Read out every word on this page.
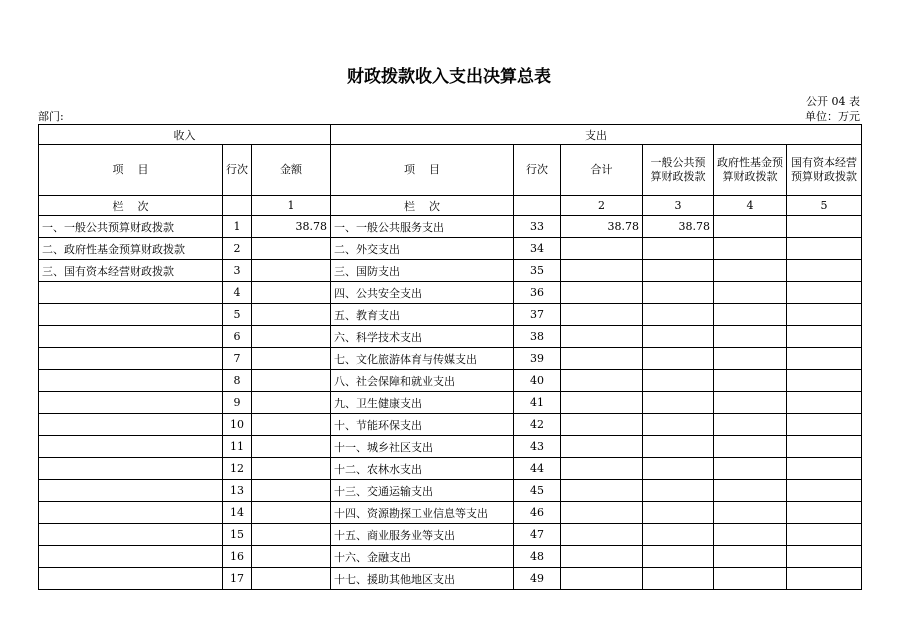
财政拨款收入支出决算总表
公开 04 表
部门:	单位：万元
收入			支出					
项    目	行次	金额	项    目	行次	合计	一般公共预算财政拨款	政府性基金预算财政拨款	国有资本经营预算财政拨款
栏    次		1	栏    次		2	3	4	5
一、一般公共预算财政拨款	1	38.78	一、一般公共服务支出	33	38.78	38.78		
二、政府性基金预算财政拨款	2		二、外交支出	34				
三、国有资本经营财政拨款	3		三、国防支出	35				
	4		四、公共安全支出	36				
	5		五、教育支出	37				
	6		六、科学技术支出	38				
	7		七、文化旅游体育与传媒支出	39				
	8		八、社会保障和就业支出	40				
	9		九、卫生健康支出	41				
	10		十、节能环保支出	42				
	11		十一、城乡社区支出	43				
	12		十二、农林水支出	44				
	13		十三、交通运输支出	45				
	14		十四、资源勘探工业信息等支出	46				
	15		十五、商业服务业等支出	47				
	16		十六、金融支出	48				
	17		十七、援助其他地区支出	49				
